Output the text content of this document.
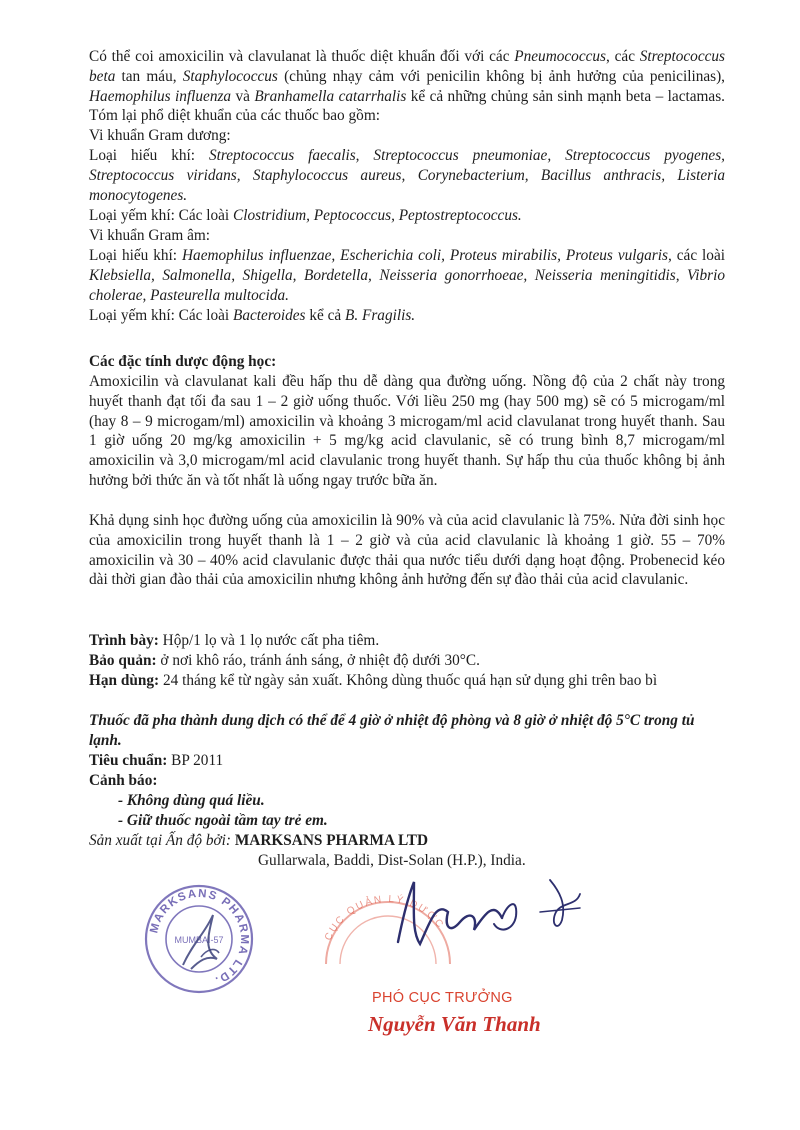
Có thể coi amoxicilin và clavulanat là thuốc diệt khuẩn đối với các Pneumococcus, các Streptococcus beta tan máu, Staphylococcus (chủng nhạy cảm với penicilin không bị ảnh hưởng của penicilinas), Haemophilus influenza và Branhamella catarrhalis kể cả những chủng sản sinh mạnh beta – lactamas. Tóm lại phổ diệt khuẩn của các thuốc bao gồm:

Vi khuẩn Gram dương:

Loại hiếu khí: Streptococcus faecalis, Streptococcus pneumoniae, Streptococcus pyogenes, Streptococcus viridans, Staphylococcus aureus, Corynebacterium, Bacillus anthracis, Listeria monocytogenes.

Loại yếm khí: Các loài Clostridium, Peptococcus, Peptostreptococcus.

Vi khuẩn Gram âm:

Loại hiếu khí: Haemophilus influenzae, Escherichia coli, Proteus mirabilis, Proteus vulgaris, các loài Klebsiella, Salmonella, Shigella, Bordetella, Neisseria gonorrhoeae, Neisseria meningitidis, Vibrio cholerae, Pasteurella multocida.

Loại yếm khí: Các loài Bacteroides kể cả B. Fragilis.

Các đặc tính dược động học:

Amoxicilin và clavulanat kali đều hấp thu dễ dàng qua đường uống. Nồng độ của 2 chất này trong huyết thanh đạt tối đa sau 1 – 2 giờ uống thuốc. Với liều 250 mg (hay 500 mg) sẽ có 5 microgam/ml (hay 8 – 9 microgam/ml) amoxicilin và khoảng 3 microgam/ml acid clavulanat trong huyết thanh. Sau 1 giờ uống 20 mg/kg amoxicilin + 5 mg/kg acid clavulanic, sẽ có trung bình 8,7 microgam/ml amoxicilin và 3,0 microgam/ml acid clavulanic trong huyết thanh. Sự hấp thu của thuốc không bị ảnh hưởng bởi thức ăn và tốt nhất là uống ngay trước bữa ăn.

Khả dụng sinh học đường uống của amoxicilin là 90% và của acid clavulanic là 75%. Nửa đời sinh học của amoxicilin trong huyết thanh là 1 – 2 giờ và của acid clavulanic là khoảng 1 giờ. 55 – 70% amoxicilin và 30 – 40% acid clavulanic được thải qua nước tiểu dưới dạng hoạt động. Probenecid kéo dài thời gian đào thải của amoxicilin nhưng không ảnh hưởng đến sự đào thải của acid clavulanic.

Trình bày: Hộp/1 lọ và 1 lọ nước cất pha tiêm.

Bảo quản: ở nơi khô ráo, tránh ánh sáng, ở nhiệt độ dưới 30°C.

Hạn dùng: 24 tháng kể từ ngày sản xuất. Không dùng thuốc quá hạn sử dụng ghi trên bao bì

Thuốc đã pha thành dung dịch có thể để 4 giờ ở nhiệt độ phòng và 8 giờ ở nhiệt độ 5°C trong tủ lạnh.

Tiêu chuẩn: BP 2011

Cảnh báo:

- Không dùng quá liều.

- Giữ thuốc ngoài tầm tay trẻ em.

Sản xuất tại Ấn độ bởi: MARKSANS PHARMA LTD

Gullarwala, Baddi, Dist-Solan (H.P.), India.

MARKSANS PHARMA LTD.
MUMBAI-57	CỤC QUẢN LÝ DƯỢC
PHÓ CỤC TRƯỞNG
Nguyễn Văn Thanh
